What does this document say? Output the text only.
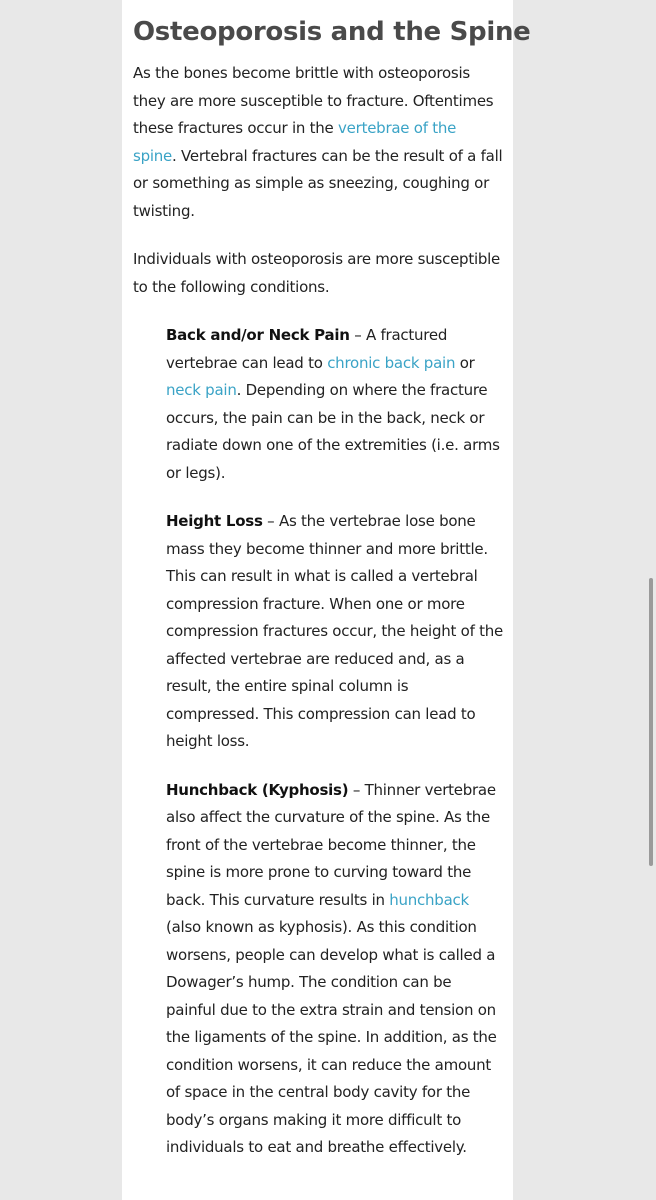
Osteoporosis and the Spine

As the bones become brittle with osteoporosis they are more susceptible to fracture. Oftentimes these fractures occur in the vertebrae of the spine. Vertebral fractures can be the result of a fall or something as simple as sneezing, coughing or twisting.

Individuals with osteoporosis are more susceptible to the following conditions.

Back and/or Neck Pain – A fractured vertebrae can lead to chronic back pain or neck pain. Depending on where the fracture occurs, the pain can be in the back, neck or radiate down one of the extremities (i.e. arms or legs).

Height Loss – As the vertebrae lose bone mass they become thinner and more brittle. This can result in what is called a vertebral compression fracture. When one or more compression fractures occur, the height of the affected vertebrae are reduced and, as a result, the entire spinal column is compressed. This compression can lead to height loss.

Hunchback (Kyphosis) – Thinner vertebrae also affect the curvature of the spine. As the front of the vertebrae become thinner, the spine is more prone to curving toward the back. This curvature results in hunchback (also known as kyphosis). As this condition worsens, people can develop what is called a Dowager’s hump. The condition can be painful due to the extra strain and tension on the ligaments of the spine. In addition, as the condition worsens, it can reduce the amount of space in the central body cavity for the body’s organs making it more difficult to individuals to eat and breathe effectively.
